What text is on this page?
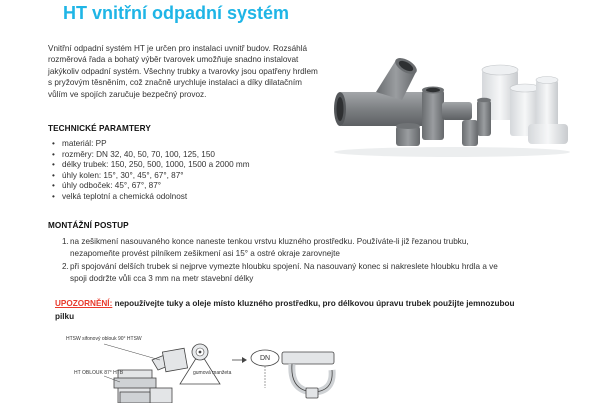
HT vnitřní odpadní systém

Vnitřní odpadní systém HT je určen pro instalaci uvnitř budov. Rozsáhlá rozměrová řada a bohatý výběr tvarovek umožňuje snadno instalovat jakýkoliv odpadní systém. Všechny trubky a tvarovky jsou opatřeny hrdlem s pryžovým těsněním, což značně urychluje instalaci a díky dilatačním vůlím ve spojích zaručuje bezpečný provoz.

TECHNICKÉ PARAMTERY
• materiál: PP
• rozměry: DN 32, 40, 50, 70, 100, 125, 150
• délky trubek: 150, 250, 500, 1000, 1500 a 2000 mm
• úhly kolen: 15°, 30°, 45°, 67°, 87°
• úhly odboček: 45°, 67°, 87°
• velká teplotní a chemická odolnost
MONTÁŽNÍ POSTUP
1. na zešikmení nasouvaného konce naneste tenkou vrstvu kluzného prostředku. Používáte-li již řezanou trubku, nezapomeňte provést pilníkem zešikmení asi 15° a ostré okraje zarovnejte
2. při spojování delších trubek si nejprve vymezte hloubku spojení. Na nasouvaný konec si nakreslete hloubku hrdla a ve spoji dodržte vůli cca 3 mm na metr stavební délky

UPOZORNĚNÍ: nepoužívejte tuky a oleje místo kluzného prostředku, pro délkovou úpravu trubek použijte jemnozubou pilku

HTSW sifonový oblouk 90° HTSW
HT OBLOUK 87° HTB	gumová manžeta
DN
